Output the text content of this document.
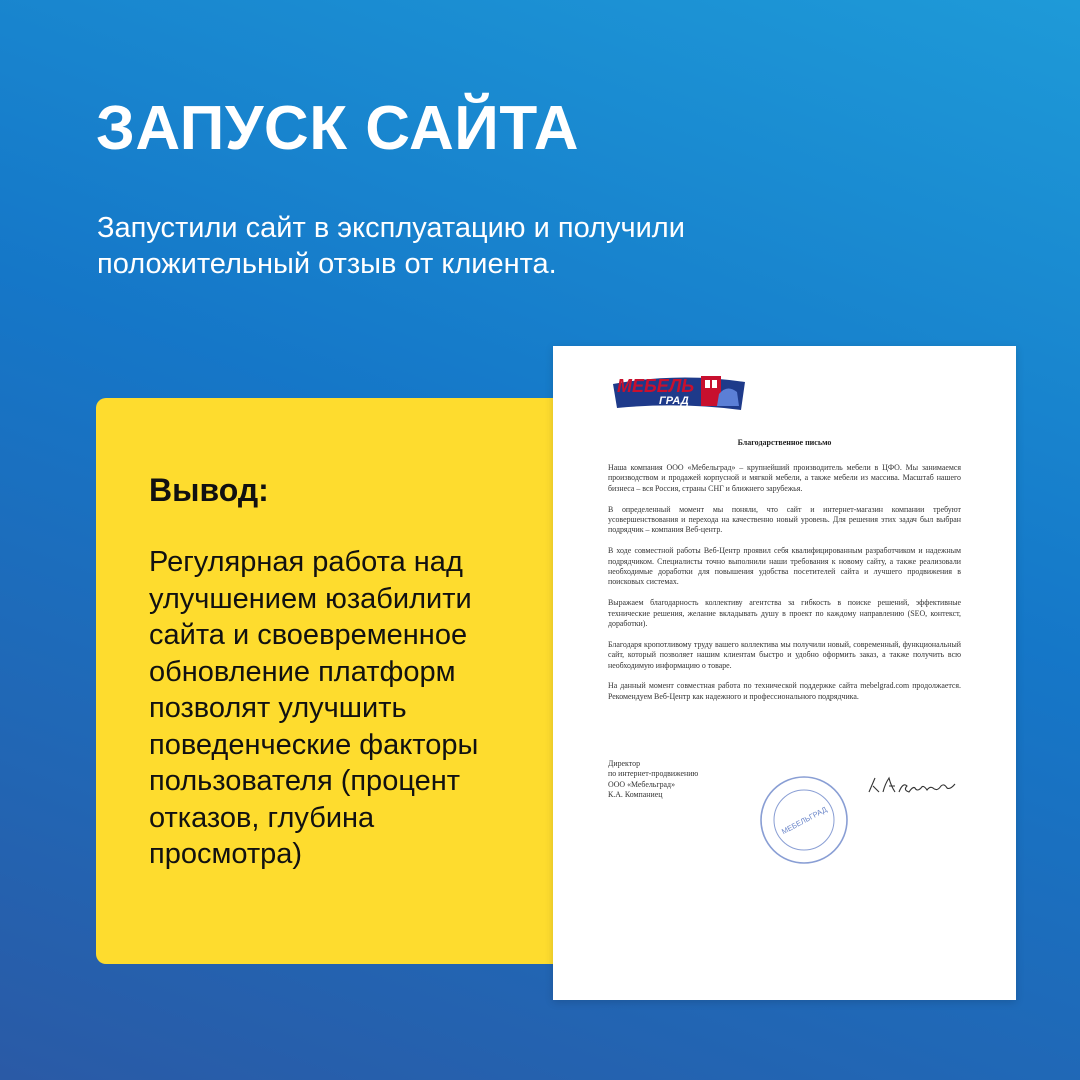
ЗАПУСК САЙТА
Запустили сайт в эксплуатацию и получили положительный отзыв от клиента.
Вывод:
Регулярная работа над улучшением юзабилити сайта и своевременное обновление платформ позволят улучшить поведенческие факторы пользователя (процент отказов, глубина просмотра)
МЕБЕЛЬ
ГРАД
Благодарственное письмо

Наша компания ООО «Мебельград» – крупнейший производитель мебели в ЦФО. Мы занимаемся производством и продажей корпусной и мягкой мебели, а также мебели из массива. Масштаб нашего бизнеса – вся Россия, страны СНГ и ближнего зарубежья.

В определенный момент мы поняли, что сайт и интернет-магазин компании требуют усовершенствования и перехода на качественно новый уровень. Для решения этих задач был выбран подрядчик – компания Веб-центр.

В ходе совместной работы Веб-Центр проявил себя квалифицированным разработчиком и надежным подрядчиком. Специалисты точно выполнили наши требования к новому сайту, а также реализовали необходимые доработки для повышения удобства посетителей сайта и лучшего продвижения в поисковых системах.

Выражаем благодарность коллективу агентства за гибкость в поиске решений, эффективные технические решения, желание вкладывать душу в проект по каждому направлению (SEO, контекст, доработки).

Благодаря кропотливому труду вашего коллектива мы получили новый, современный, функциональный сайт, который позволяет нашим клиентам быстро и удобно оформить заказ, а также получить всю необходимую информацию о товаре.

На данный момент совместная работа по технической поддержке сайта mebelgrad.com продолжается. Рекомендуем Веб-Центр как надежного и профессионального подрядчика.

Директор
по интернет-продвижению
ООО «Мебельград»
К.А. Компаниец
МЕБЕЛЬГРАД
